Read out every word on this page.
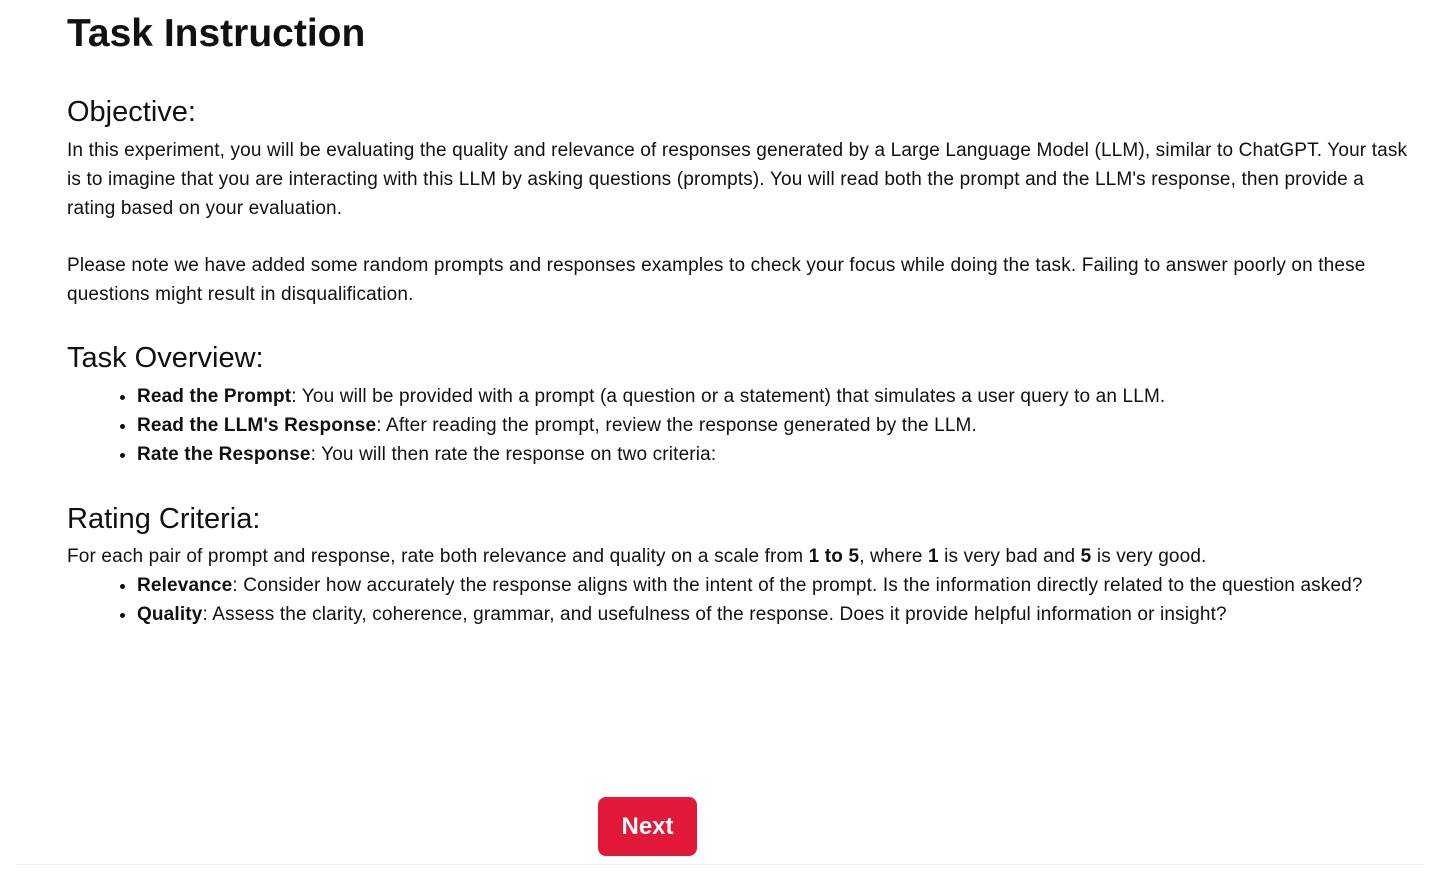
Task Instruction
Objective:

In this experiment, you will be evaluating the quality and relevance of responses generated by a Large Language Model (LLM), similar to ChatGPT. Your task is to imagine that you are interacting with this LLM by asking questions (prompts). You will read both the prompt and the LLM's response, then provide a rating based on your evaluation.

Please note we have added some random prompts and responses examples to check your focus while doing the task. Failing to answer poorly on these questions might result in disqualification.

Task Overview:
• Read the Prompt: You will be provided with a prompt (a question or a statement) that simulates a user query to an LLM.
• Read the LLM's Response: After reading the prompt, review the response generated by the LLM.
• Rate the Response: You will then rate the response on two criteria:
Rating Criteria:

For each pair of prompt and response, rate both relevance and quality on a scale from 1 to 5, where 1 is very bad and 5 is very good.

• Relevance: Consider how accurately the response aligns with the intent of the prompt. Is the information directly related to the question asked?
• Quality: Assess the clarity, coherence, grammar, and usefulness of the response. Does it provide helpful information or insight?
Next
